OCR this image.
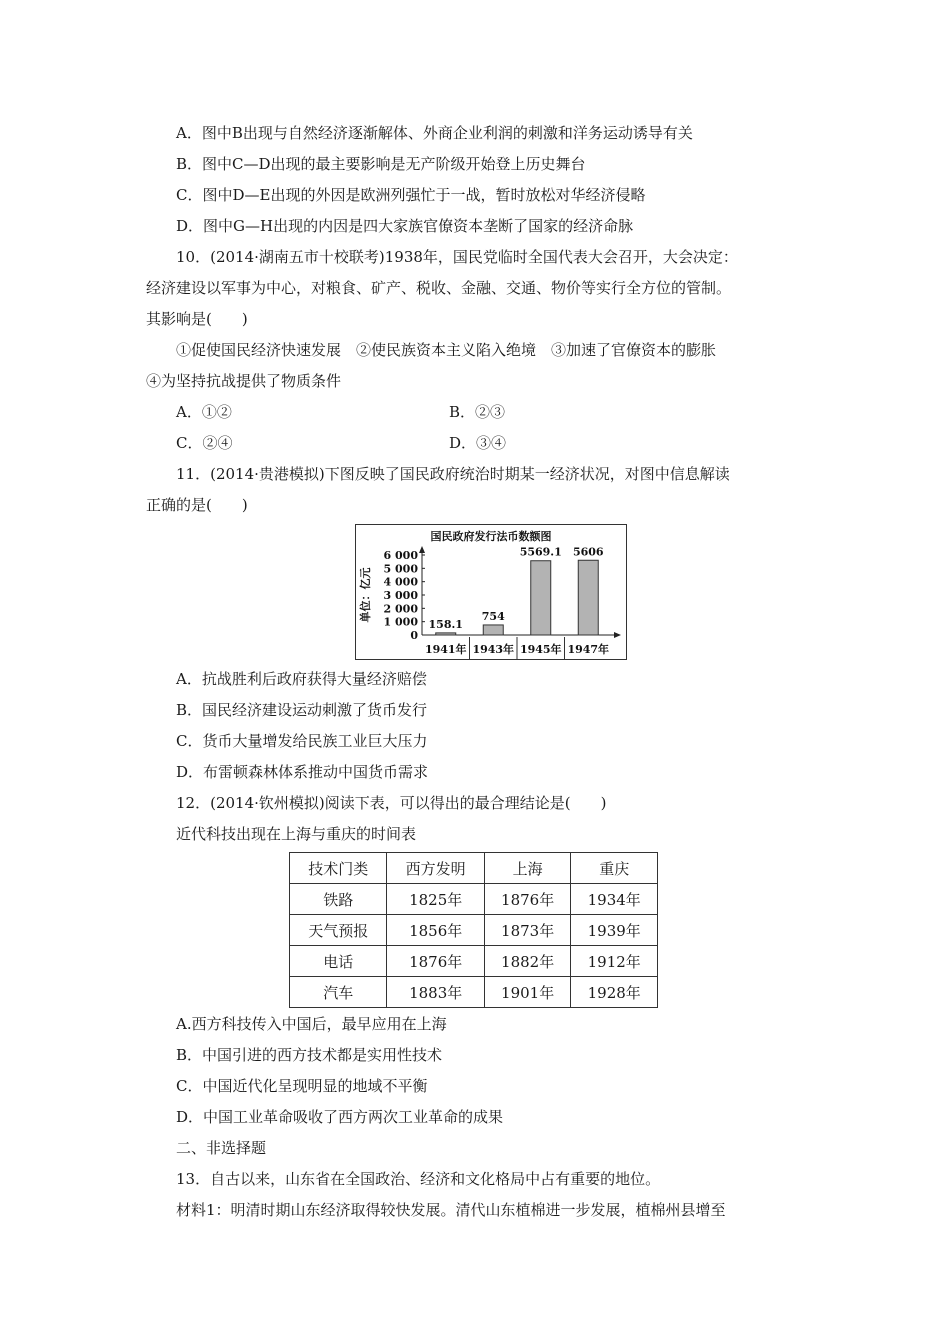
A．图中B出现与自然经济逐渐解体、外商企业利润的刺激和洋务运动诱导有关
B．图中C—D出现的最主要影响是无产阶级开始登上历史舞台
C．图中D—E出现的外因是欧洲列强忙于一战，暂时放松对华经济侵略
D．图中G—H出现的内因是四大家族官僚资本垄断了国家的经济命脉
10．(2014·湖南五市十校联考)1938年，国民党临时全国代表大会召开，大会决定：
经济建设以军事为中心，对粮食、矿产、税收、金融、交通、物价等实行全方位的管制。
其影响是(　　)
①促使国民经济快速发展　②使民族资本主义陷入绝境　③加速了官僚资本的膨胀
④为坚持抗战提供了物质条件
A．①②	B．②③
C．②④	D．③④
11．(2014·贵港模拟)下图反映了国民政府统治时期某一经济状况，对图中信息解读
正确的是(　　)
国民政府发行法币数额图
单位：亿元
0
1 000
2 000
3 000
4 000
5 000
6 000
158.1
1941年
754
1943年
5569.1
1945年
5606
1947年
A．抗战胜利后政府获得大量经济赔偿
B．国民经济建设运动刺激了货币发行
C．货币大量增发给民族工业巨大压力
D．布雷顿森林体系推动中国货币需求
12．(2014·钦州模拟)阅读下表，可以得出的最合理结论是(　　)
近代科技出现在上海与重庆的时间表
技术门类	西方发明	上海	重庆
铁路	1825年	1876年	1934年
天气预报	1856年	1873年	1939年
电话	1876年	1882年	1912年
汽车	1883年	1901年	1928年
A.西方科技传入中国后，最早应用在上海
B．中国引进的西方技术都是实用性技术
C．中国近代化呈现明显的地域不平衡
D．中国工业革命吸收了西方两次工业革命的成果
二、非选择题
13．自古以来，山东省在全国政治、经济和文化格局中占有重要的地位。
材料1：明清时期山东经济取得较快发展。清代山东植棉进一步发展，植棉州县增至
